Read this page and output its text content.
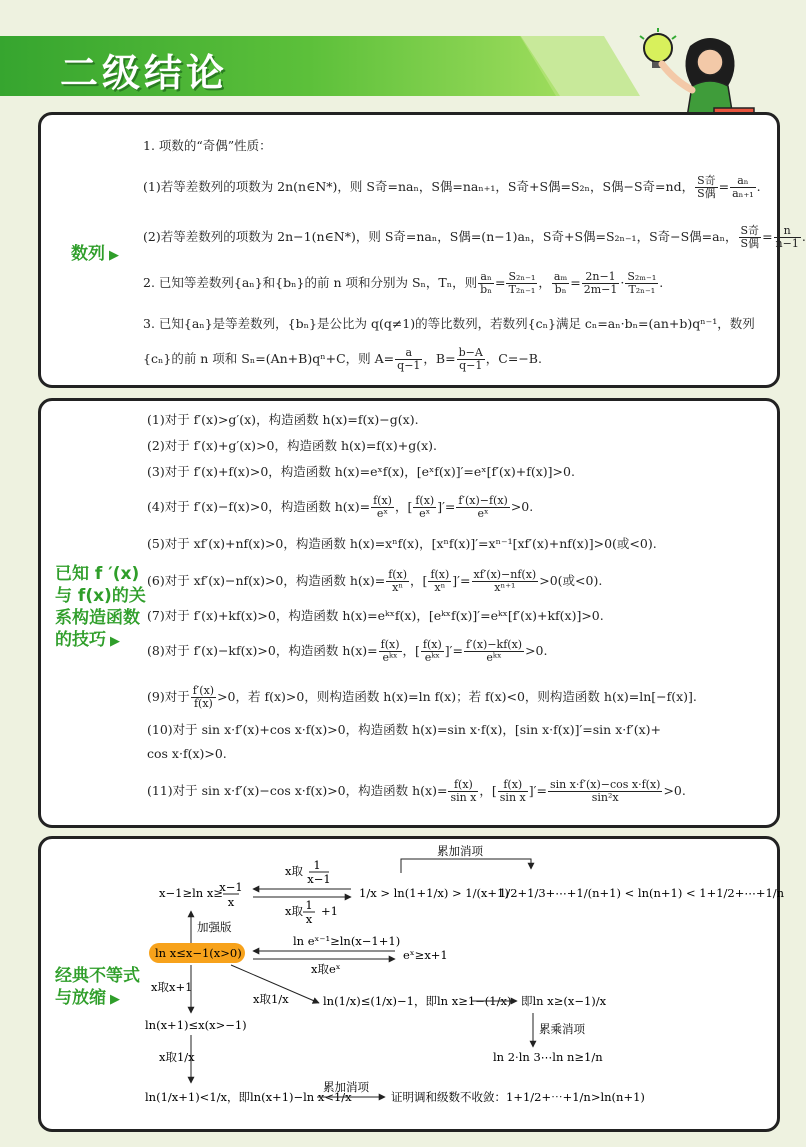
二级结论
数列 ▶
1. 项数的“奇偶”性质：
(1)若等差数列的项数为 2n(n∈N*)，则 S奇=naₙ，S偶=naₙ₊₁，S奇+S偶=S₂ₙ，S偶−S奇=nd， $\frac{\text{S奇}}{\text{S偶}} = \frac{\text{aₙ}}{\text{aₙ₊₁}}$ .
(2)若等差数列的项数为 2n−1(n∈N*)，则 S奇=naₙ，S偶=(n−1)aₙ，S奇+S偶=S₂ₙ₋₁，S奇−S偶=aₙ， $\frac{\text{S奇}}{\text{S偶}} = \frac{n}{n-1}$ .
2. 已知等差数列{aₙ}和{bₙ}的前 n 项和分别为 Sₙ，Tₙ，则 $\frac{\text{aₙ}}{\text{bₙ}} = \frac{\text{S₂ₙ₋₁}}{\text{T₂ₙ₋₁}}$ ， $\frac{\text{aₘ}}{\text{bₙ}} = \frac{2n-1}{2m-1} \cdot \frac{\text{S₂ₘ₋₁}}{\text{T₂ₙ₋₁}}$ .
3. 已知{aₙ}是等差数列，{bₙ}是公比为 q(q≠1)的等比数列，若数列{cₙ}满足 cₙ=aₙ·bₙ=(an+b)qⁿ⁻¹，数列
{cₙ}的前 n 项和 Sₙ=(An+B)qⁿ+C，则 $A= \frac{a}{q-1}$ ，$B= \frac{b-A}{q-1}$ ，C=−B.
已知 f ′(x)
与 f(x)的关
系构造函数
的技巧 ▶
(1)对于 f′(x)>g′(x)，构造函数 h(x)=f(x)−g(x).
(2)对于 f′(x)+g′(x)>0，构造函数 h(x)=f(x)+g(x).
(3)对于 f′(x)+f(x)>0，构造函数 h(x)=eˣf(x)，[eˣf(x)]′=eˣ[f′(x)+f(x)]>0.
(4)对于 f′(x)−f(x)>0，构造函数 $h(x)= \frac{f(x)}{\text{eˣ}}$ ，[ $\frac{f(x)}{\text{eˣ}}$ ]′= $\frac{f'(x)-f(x)}{\text{eˣ}} >0$.
(5)对于 xf′(x)+nf(x)>0，构造函数 h(x)=xⁿf(x)，[xⁿf(x)]′=xⁿ⁻¹[xf′(x)+nf(x)]>0(或<0).
(6)对于 xf′(x)−nf(x)>0，构造函数 $h(x)= \frac{f(x)}{\text{xⁿ}}$ ，[ $\frac{f(x)}{\text{xⁿ}}$ ]′= $\frac{xf'(x)-nf(x)}{\text{xⁿ⁺¹}} >0$(或<0).
(7)对于 f′(x)+kf(x)>0，构造函数 h(x)=eᵏˣf(x)，[eᵏˣf(x)]′=eᵏˣ[f′(x)+kf(x)]>0.
(8)对于 f′(x)−kf(x)>0，构造函数 $h(x)= \frac{f(x)}{\text{eᵏˣ}}$ ，[ $\frac{f(x)}{\text{eᵏˣ}}$ ]′= $\frac{f'(x)-kf(x)}{\text{eᵏˣ}} >0$.
(9)对于 $\frac{f'(x)}{f(x)} >0$，若 f(x)>0，则构造函数 h(x)=ln f(x)；若 f(x)<0，则构造函数 h(x)=ln[−f(x)].
(10)对于 sin x·f′(x)+cos x·f(x)>0，构造函数 h(x)=sin x·f(x)，[sin x·f(x)]′=sin x·f′(x)+
cos x·f(x)>0.
(11)对于 sin x·f′(x)−cos x·f(x)>0，构造函数 $h(x)= \frac{f(x)}{\text{sin x}}$ ，[ $\frac{f(x)}{\text{sin x}}$ ]′= $\frac{\text{sin x·f′(x)−cos x·f(x)}}{\text{sin²x}} >0$.
经典不等式
与放缩 ▶
x−1≥ln x≥
x−1
x
x取 1
x−1
x取 1
x
+1
1/x > ln(1+1/x) > 1/(x+1)
1/2+1/3+⋯+1/(n+1) < ln(n+1) < 1+1/2+⋯+1/n
累加消项
加强版
ln x≤x−1(x>0)
ln eˣ⁻¹≥ln(x−1+1)
x取eˣ
eˣ≥x+1
x取x+1
x取1/x	ln(1/x)≤(1/x)−1，即ln x≥1−(1/x) 即ln x≥(x−1)/x
ln(x+1)≤x(x>−1)	累乘消项
ln 2·ln 3⋯ln n≥1/n
x取1/x
ln(1/x+1)<1/x，即ln(x+1)−ln x<1/x
累加消项
证明调和级数不收敛：1+1/2+⋯+1/n>ln(n+1)
